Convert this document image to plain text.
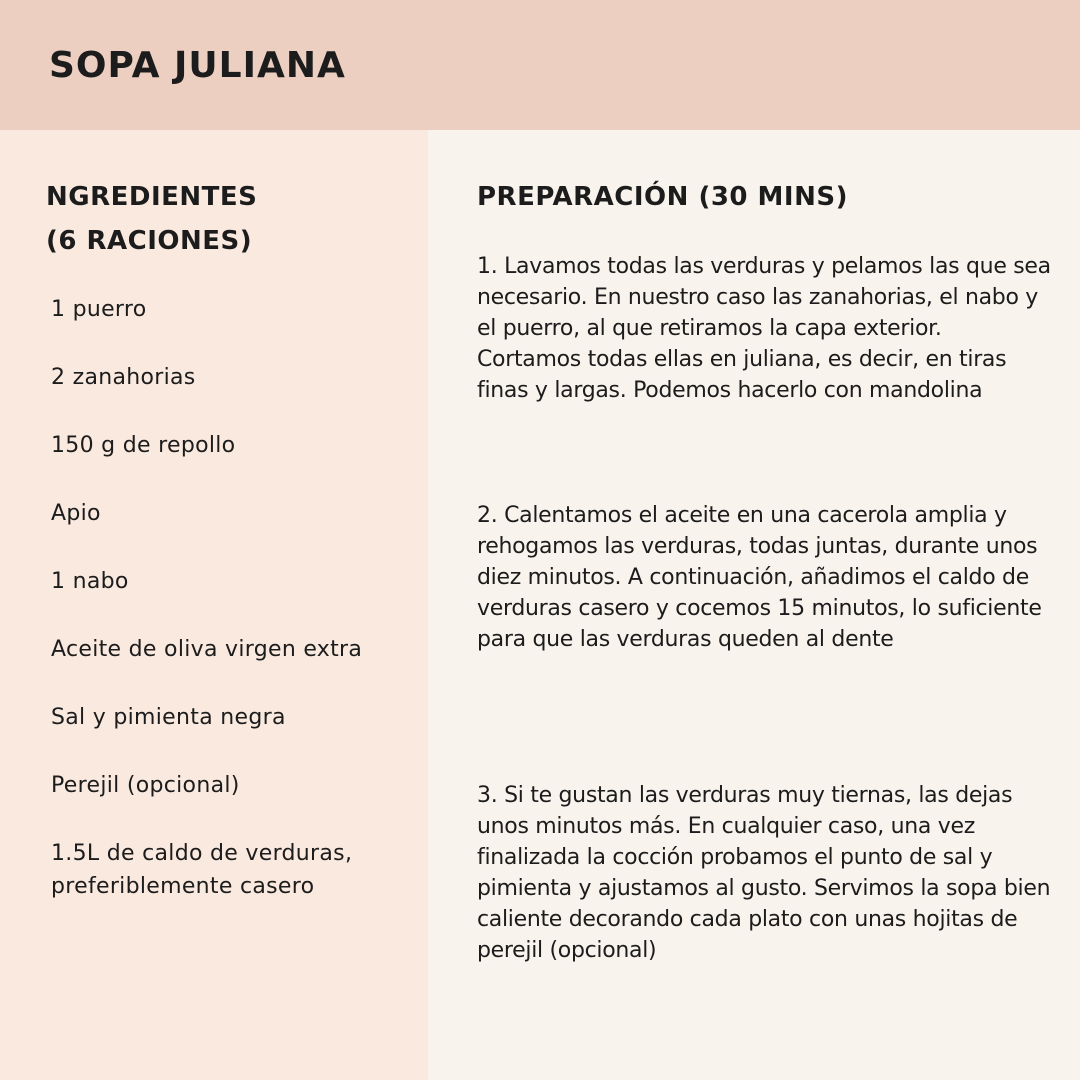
SOPA JULIANA
NGREDIENTES
(6 RACIONES)
1 puerro
2 zanahorias
150 g de repollo
Apio
1 nabo
Aceite de oliva virgen extra
Sal y pimienta negra
Perejil (opcional)
1.5L de caldo de verduras, preferiblemente casero
PREPARACIÓN (30 MINS)

1. Lavamos todas las verduras y pelamos las que sea necesario. En nuestro caso las zanahorias, el nabo y el puerro, al que retiramos la capa exterior. Cortamos todas ellas en juliana, es decir, en tiras finas y largas. Podemos hacerlo con mandolina

2. Calentamos el aceite en una cacerola amplia y rehogamos las verduras, todas juntas, durante unos diez minutos. A continuación, añadimos el caldo de verduras casero y cocemos 15 minutos, lo suficiente para que las verduras queden al dente

3. Si te gustan las verduras muy tiernas, las dejas unos minutos más. En cualquier caso, una vez finalizada la cocción probamos el punto de sal y pimienta y ajustamos al gusto. Servimos la sopa bien caliente decorando cada plato con unas hojitas de perejil (opcional)
